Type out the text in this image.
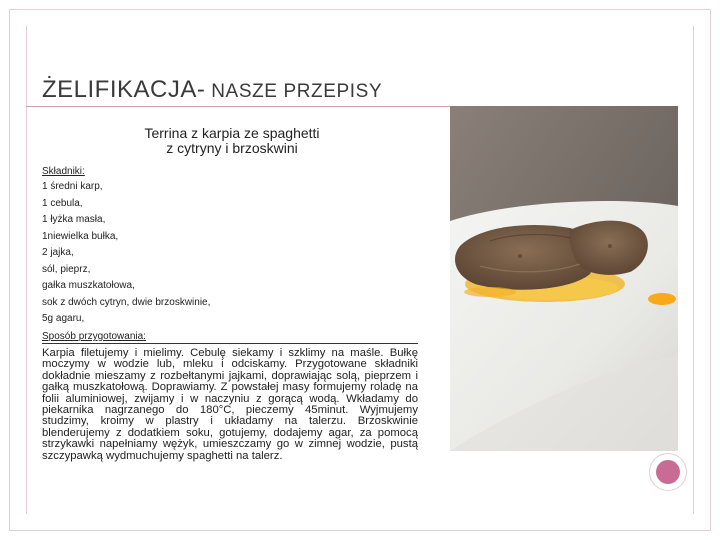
ŻELIFIKACJA- NASZE PRZEPISY
Terrina z karpia ze spaghetti
z cytryny i brzoskwini
Składniki:
1 średni karp,
1 cebula,
1 łyżka masła,
1niewielka bułka,
2 jajka,
sól, pieprz,
gałka muszkatołowa,
sok z dwóch cytryn, dwie brzoskwinie,
5g agaru,
Sposób przygotowania:
Karpia filetujemy i mielimy. Cebulę siekamy i szklimy na maśle. Bułkę moczymy w wodzie lub, mleku i odciskamy. Przygotowane składniki dokładnie mieszamy z rozbełtanymi jajkami, doprawiając solą, pieprzem i gałką muszkatołową. Doprawiamy. Z powstałej masy formujemy roladę na folii aluminiowej, zwijamy i w naczyniu z gorącą wodą. Wkładamy do piekarnika nagrzanego do 180°C, pieczemy 45minut. Wyjmujemy studzimy, kroimy w plastry i układamy na talerzu. Brzoskwinie blenderujemy z dodatkiem soku, gotujemy, dodajemy agar, za pomocą strzykawki napełniamy wężyk, umieszczamy go w zimnej wodzie, pustą szczypawką wydmuchujemy spaghetti na talerz.
